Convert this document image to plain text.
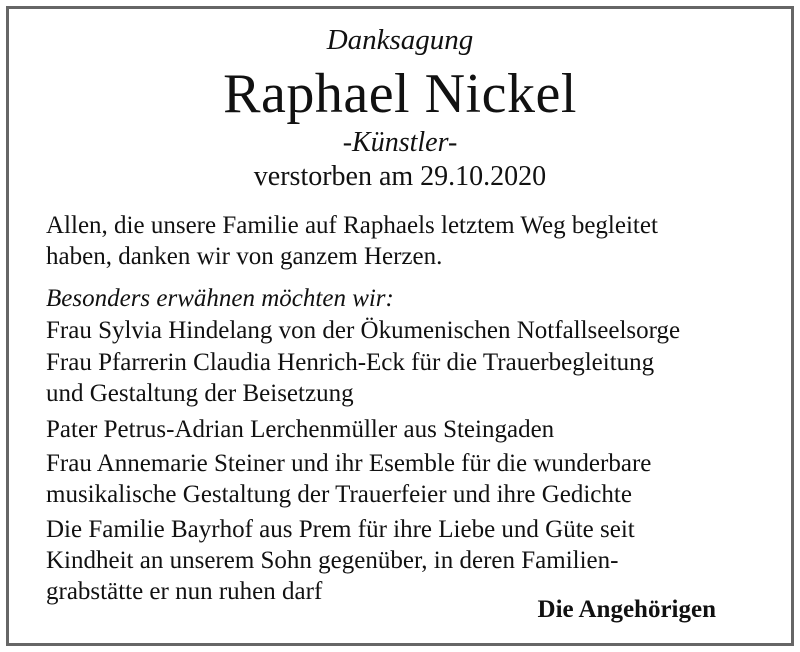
Danksagung
Raphael Nickel
-Künstler-
verstorben am 29.10.2020
Allen, die unsere Familie auf Raphaels letztem Weg begleitet
haben, danken wir von ganzem Herzen.
Besonders erwähnen möchten wir:
Frau Sylvia Hindelang von der Ökumenischen Notfallseelsorge
Frau Pfarrerin Claudia Henrich-Eck für die Trauerbegleitung
und Gestaltung der Beisetzung
Pater Petrus-Adrian Lerchenmüller aus Steingaden
Frau Annemarie Steiner und ihr Esemble für die wunderbare
musikalische Gestaltung der Trauerfeier und ihre Gedichte
Die Familie Bayrhof aus Prem für ihre Liebe und Güte seit
Kindheit an unserem Sohn gegenüber, in deren Familien-
grabstätte er nun ruhen darf
Die Angehörigen
